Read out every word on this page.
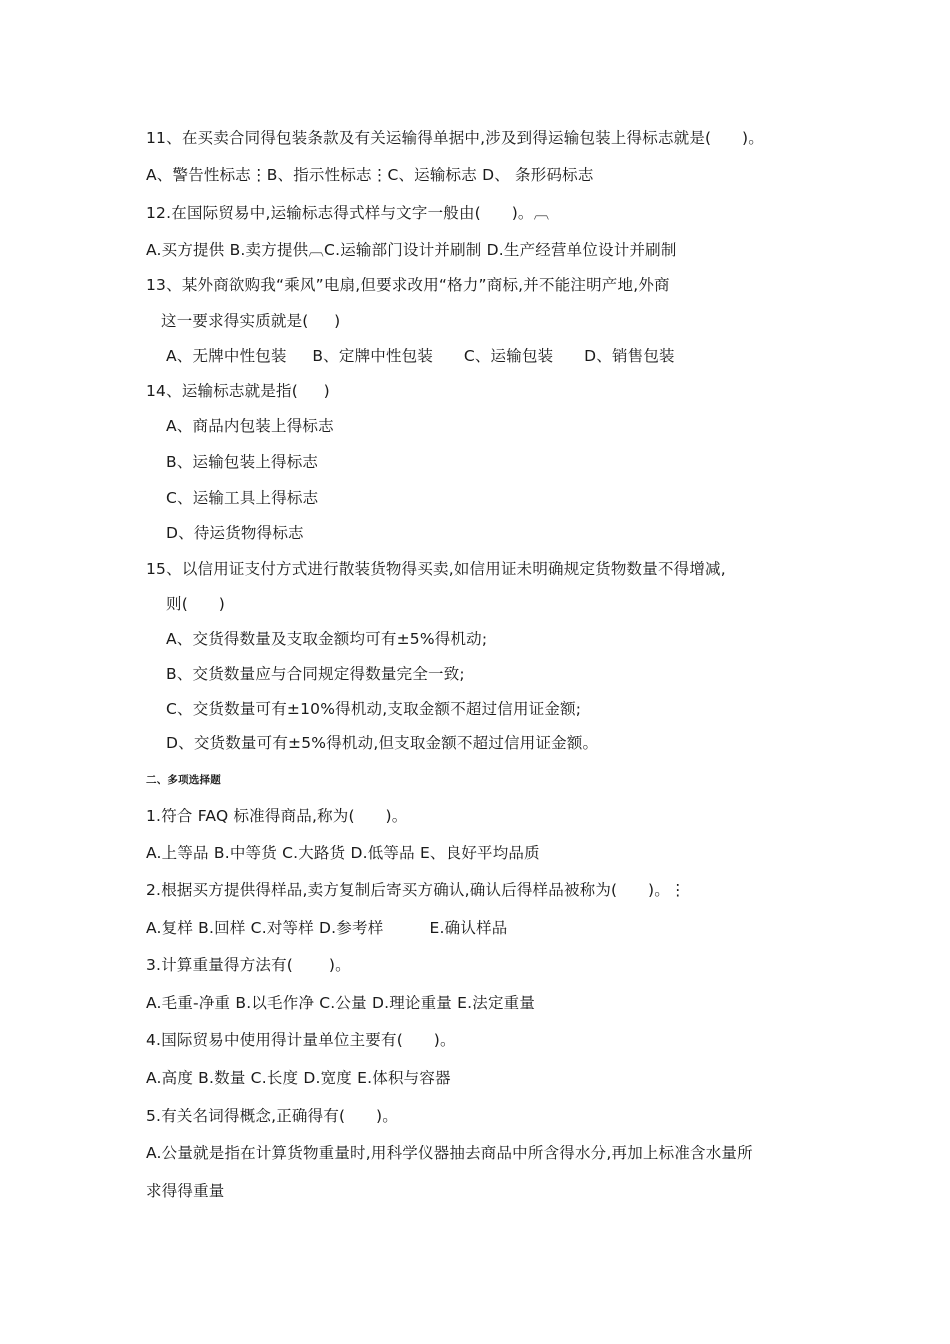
11、在买卖合同得包装条款及有关运输得单据中,涉及到得运输包装上得标志就是(      )。
A、警告性标志⋮B、指示性标志⋮C、运输标志 D、 条形码标志
12.在国际贸易中,运输标志得式样与文字一般由(      )。︹
A.买方提供 B.卖方提供︹C.运输部门设计并刷制 D.生产经营单位设计并刷制
13、某外商欲购我“乘风”电扇,但要求改用“格力”商标,并不能注明产地,外商
这一要求得实质就是(     )
A、无牌中性包装     B、定牌中性包装      C、运输包装      D、销售包装
14、运输标志就是指(     )
A、商品内包装上得标志
B、运输包装上得标志
C、运输工具上得标志
D、待运货物得标志
15、以信用证支付方式进行散装货物得买卖,如信用证未明确规定货物数量不得增减,
则(      )
A、交货得数量及支取金额均可有±5%得机动;
B、交货数量应与合同规定得数量完全一致;
C、交货数量可有±10%得机动,支取金额不超过信用证金额;
D、交货数量可有±5%得机动,但支取金额不超过信用证金额。
二、多项选择题
1.符合 FAQ 标准得商品,称为(      )。
A.上等品 B.中等货 C.大路货 D.低等品 E、良好平均品质
2.根据买方提供得样品,卖方复制后寄买方确认,确认后得样品被称为(      )。⋮
A.复样 B.回样 C.对等样 D.参考样         E.确认样品
3.计算重量得方法有(       )。
A.毛重-净重 B.以毛作净 C.公量 D.理论重量 E.法定重量
4.国际贸易中使用得计量单位主要有(      )。
A.高度 B.数量 C.长度 D.宽度 E.体积与容器
5.有关名词得概念,正确得有(      )。
A.公量就是指在计算货物重量时,用科学仪器抽去商品中所含得水分,再加上标准含水量所
求得得重量
